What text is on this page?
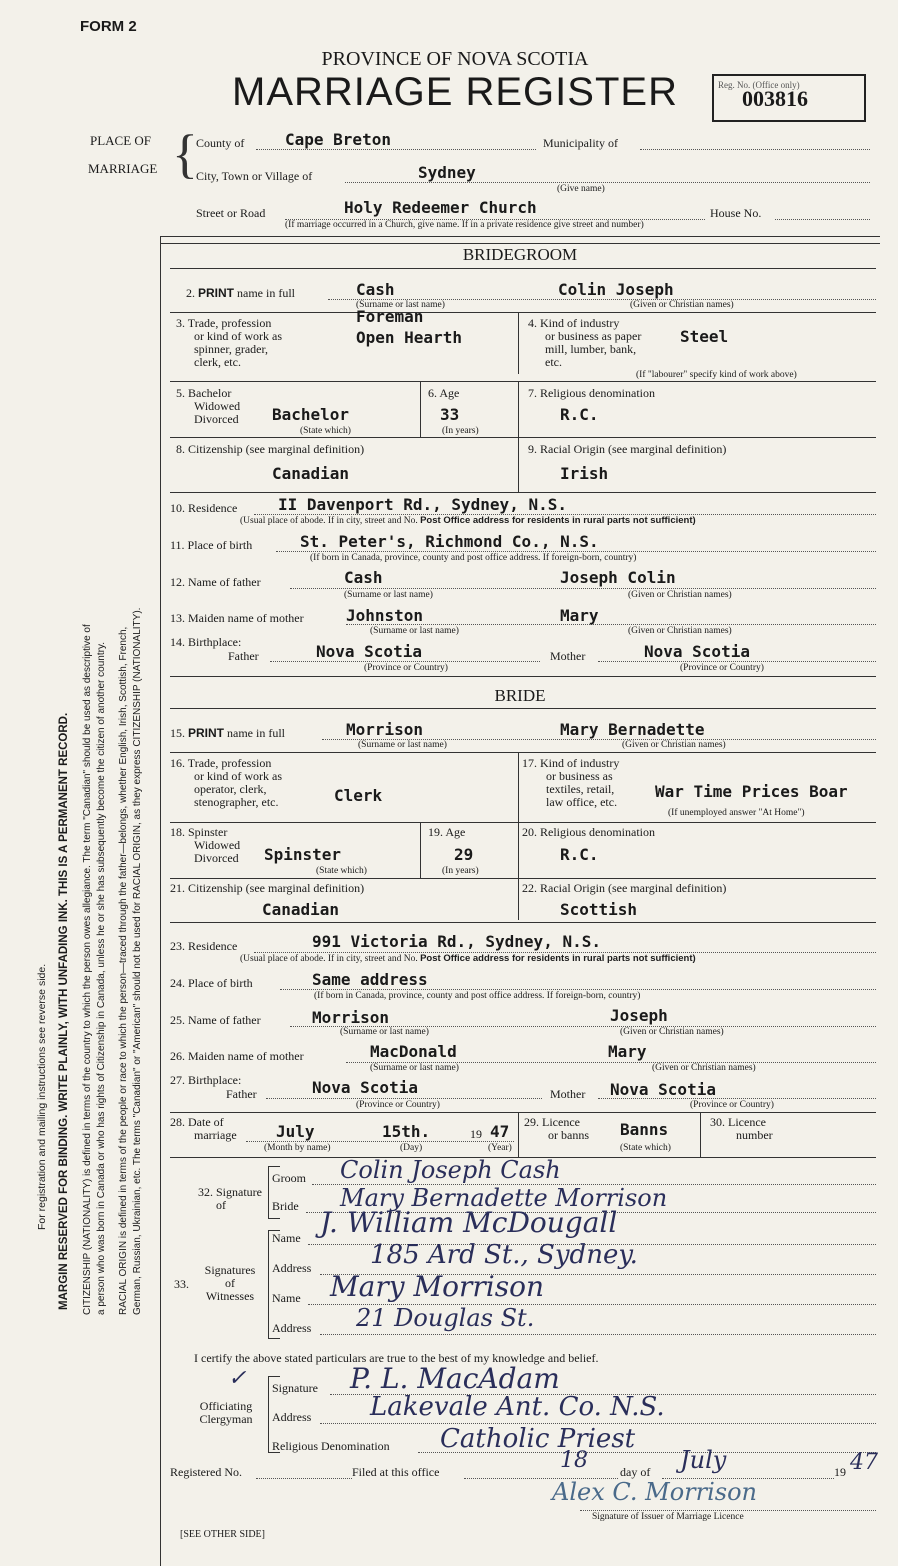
For registration and mailing instructions see reverse side. MARGIN RESERVED FOR BINDING. WRITE PLAINLY, WITH UNFADING INK. THIS IS A PERMANENT RECORD. CITIZENSHIP (NATIONALITY) is defined in terms of the country to which the person owes allegiance. The term "Canadian" should be used as descriptive of a person who was born in Canada or who has rights of Citizenship in Canada, unless he or she has subsequently become the citizen of another country. RACIAL ORIGIN is defined in terms of the people or race to which the person—traced through the father—belongs, whether English, Irish, Scottish, French, German, Russian, Ukrainian, etc. The terms "Canadian" or "American" should not be used for RACIAL ORIGIN, as they express CITIZENSHIP (NATIONALITY).
FORM 2
PROVINCE OF NOVA SCOTIA
MARRIAGE REGISTER	Reg. No. (Office only)
003816
PLACE OF
MARRIAGE {
County of	Cape Breton	Municipality of
City, Town or Village of	Sydney
(Give name)
Street or Road	Holy Redeemer Church	House No.
(If marriage occurred in a Church, give name. If in a private residence give street and number)
BRIDEGROOM
2. PRINT name in full	Cash	Colin Joseph
(Surname or last name)	(Given or Christian names)
3. Trade, profession
or kind of work as
spinner, grader,
clerk, etc.
Foreman
Open Hearth
4. Kind of industry
or business as paper
mill, lumber, bank,
etc.
Steel
(If "labourer" specify kind of work above)
5. Bachelor
Widowed
Divorced Bachelor
(State which)
6. Age
33
(In years)
7. Religious denomination
R.C.
8. Citizenship (see marginal definition)
Canadian
9. Racial Origin (see marginal definition)
Irish
10. Residence	II Davenport Rd., Sydney, N.S.
(Usual place of abode. If in city, street and No. Post Office address for residents in rural parts not sufficient)
11. Place of birth	St. Peter's, Richmond Co., N.S.
(If born in Canada, province, county and post office address. If foreign-born, country)
12. Name of father	Cash	Joseph Colin
(Surname or last name)	(Given or Christian names)
13. Maiden name of mother	Johnston	Mary
(Surname or last name)	(Given or Christian names)
14. Birthplace:
Father	Nova Scotia	Mother	Nova Scotia
(Province or Country)	(Province or Country)
BRIDE
15. PRINT name in full	Morrison	Mary Bernadette
(Surname or last name)	(Given or Christian names)
16. Trade, profession
or kind of work as
operator, clerk,
stenographer, etc.	Clerk
17. Kind of industry
or business as
textiles, retail,
law office, etc.
War Time Prices Boar
(If unemployed answer "At Home")
18. Spinster
Widowed
Divorced Spinster
(State which)
19. Age
29
(In years)
20. Religious denomination
R.C.
21. Citizenship (see marginal definition)
Canadian
22. Racial Origin (see marginal definition)
Scottish
23. Residence	991 Victoria Rd., Sydney, N.S.
(Usual place of abode. If in city, street and No. Post Office address for residents in rural parts not sufficient)
24. Place of birth	Same address
(If born in Canada, province, county and post office address. If foreign-born, country)
25. Name of father	Morrison	Joseph
(Surname or last name)	(Given or Christian names)
26. Maiden name of mother	MacDonald	Mary
(Surname or last name)	(Given or Christian names)
27. Birthplace:
Father	Nova Scotia	Mother Nova Scotia
(Province or Country)	(Province or Country)
28. Date of
marriage July	15th.	19 47
(Month by name)	(Day)	(Year)
29. Licence
or banns Banns
(State which)
30. Licence
number
32. Signature
of
Groom Colin Joseph Cash
Bride Mary Bernadette Morrison
33.
Signatures
of
Witnesses
Name J. William McDougall
Address 185 Ard St., Sydney.
Name Mary Morrison
Address 21 Douglas St.
I certify the above stated particulars are true to the best of my knowledge and belief.
✓
Officiating
Clergyman
Signature P. L. MacAdam
Address Lakevale Ant. Co. N.S.
Religious Denomination Catholic Priest
Registered No.	Filed at this office	18	day of July	19 47
Alex C. Morrison
Signature of Issuer of Marriage Licence
[SEE OTHER SIDE]
